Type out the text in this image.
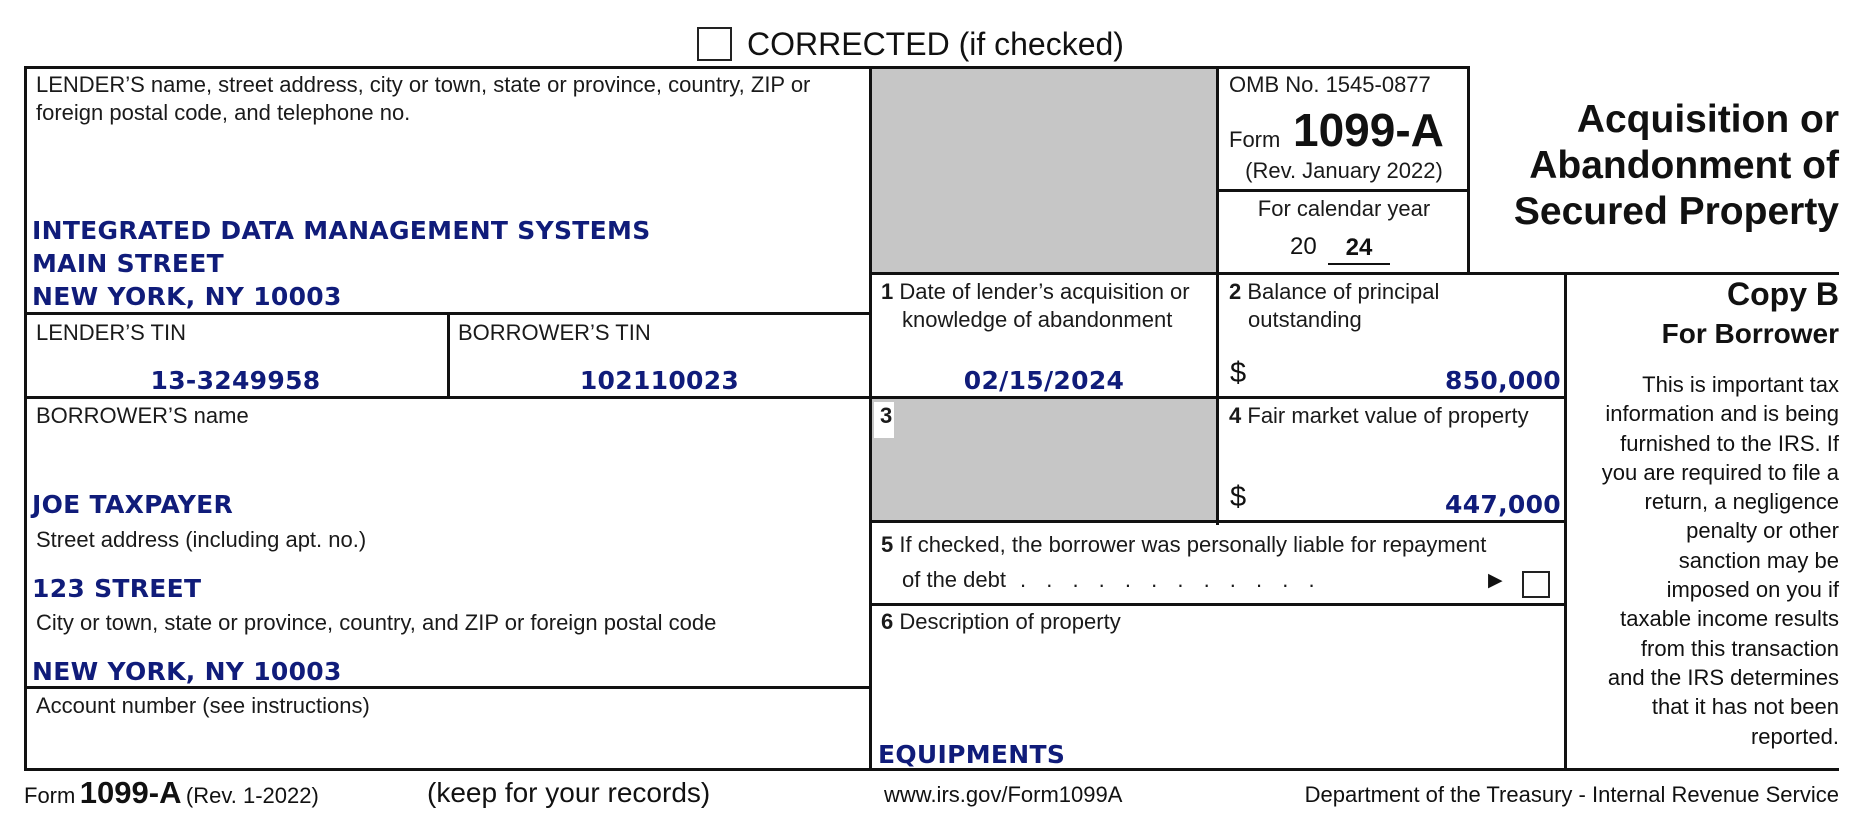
CORRECTED (if checked)
LENDER’S name, street address, city or town, state or province, country, ZIP or foreign postal code, and telephone no.
INTEGRATED DATA MANAGEMENT SYSTEMS
MAIN STREET
NEW YORK, NY 10003
LENDER’S TIN
13-3249958
BORROWER’S TIN
102110023
BORROWER’S name
JOE TAXPAYER
Street address (including apt. no.)
123 STREET
City or town, state or province, country, and ZIP or foreign postal code
NEW YORK, NY 10003
Account number (see instructions)
OMB No. 1545-0877
Form 1099-A
(Rev. January 2022)
For calendar year
20	24
Acquisition or
Abandonment of
Secured Property
1 Date of lender’s acquisition or
knowledge of abandonment
02/15/2024
2 Balance of principal
outstanding
$	850,000
3	4 Fair market value of property
$	447,000
5 If checked, the borrower was personally liable for repayment
of the debt . . . . . . . . . . . .	▶
6 Description of property
EQUIPMENTS
Copy B
For Borrower
This is important tax
information and is being
furnished to the IRS. If
you are required to file a
return, a negligence
penalty or other
sanction may be
imposed on you if
taxable income results
from this transaction
and the IRS determines
that it has not been
reported.
Form 1099-A (Rev. 1-2022)	(keep for your records)	www.irs.gov/Form1099A	Department of the Treasury - Internal Revenue Service
